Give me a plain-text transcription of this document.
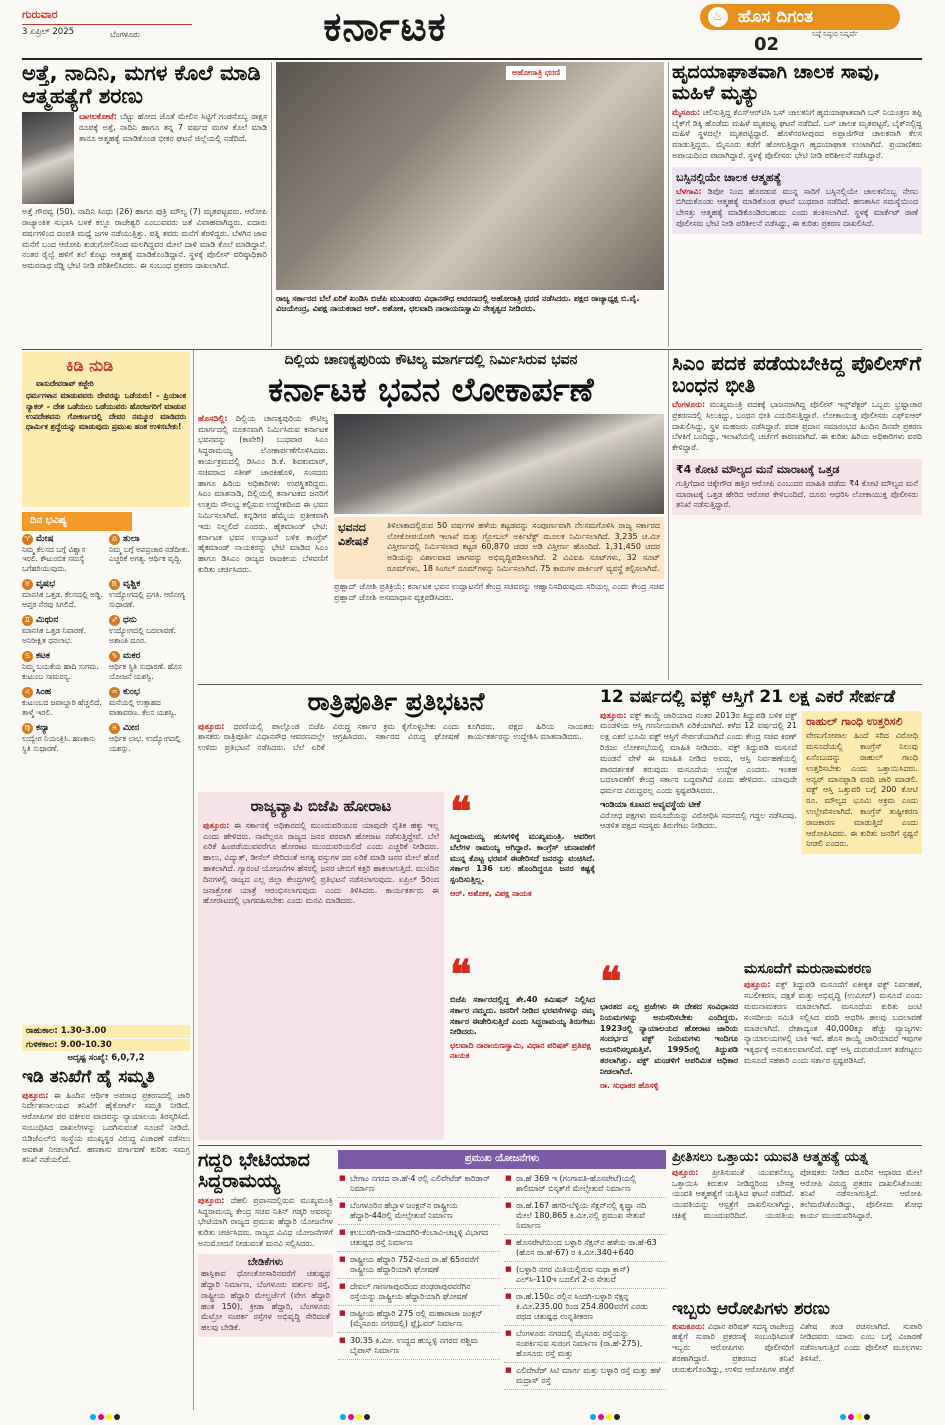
ಗುರುವಾರ
3 ಏಪ್ರಿಲ್ 2025	ಬೆಂಗಳೂರು	ಕರ್ನಾಟಕ	♨ ಹೊಸ ದಿಗಂತ
02	ನಿಷ್ಠೆ ನಿಷ್ಠುರ ನಿಷ್ಕರ್ಷೆ
ಅತ್ತೆ, ನಾದಿನಿ, ಮಗಳ ಕೊಲೆ ಮಾಡಿ ಆತ್ಮಹತ್ಯೆಗೆ ಶರಣು
ಬಾಗಲಕೋಟೆ: ಬೆಟ್ಟು ಹೋದ ಜೊತೆ ಮೇಲಿನ ಸಿಟ್ಟಿಗೆ ಗಂಡನೊಬ್ಬ ರಾಕ್ಷಸ ರೂಪಕ್ಕೆ ಅತ್ತೆ, ನಾದಿನಿ ಹಾಗೂ ತನ್ನ 7 ವರ್ಷದ ಮಗಳ ಕೊಲೆ ಮಾಡಿ ತಾನೂ ಆತ್ಮಹತ್ಯೆ ಮಾಡಿಕೊಂಡ ಭೀಕರ ಘಟನೆ ಜಿಲ್ಲೆಯಲ್ಲಿ ನಡೆದಿದೆ.
ಅತ್ತೆ ಗೌರವ್ವ (50), ನಾದಿನಿ ಸಿಂಧು (26) ಹಾಗೂ ಪುತ್ರಿ ಮೌಲ್ಯ (7) ಮೃತಪಟ್ಟವರು. ಆರೋಪಿ ರಾಜ್ಯಾಂಕಿತ ಸುಭಾಸಿ ಬಳಕೆ ಕಲ್ಲೂ ರಾಜೇಶ್ವರಿ ಎಂಬುವವರು ಜತೆ ವಿವಾಹವಾಗಿದ್ದರು. ಐದಾರು ವರ್ಷಗಳಿಂದ ದಂಪತಿ ಮಧ್ಯೆ ಜಗಳ ನಡೆಯುತ್ತಿತ್ತು. ಪತ್ನಿ ತವರು ಮನೆಗೆ ತೆರಳಿದ್ದರು. ಬೆಳಗಿನ ಜಾವ ಮನೆಗೆ ಬಂದ ಆರೋಪಿ ಕುಡುಗೋಲಿನಿಂದ ಮಲಗಿದ್ದವರ ಮೇಲೆ ದಾಳಿ ಮಾಡಿ ಕೊಲೆ ಮಾಡಿದ್ದಾನೆ. ನಂತರ ರೈಲ್ವೆ ಹಳಿಗೆ ತಲೆ ಕೊಟ್ಟು ಆತ್ಮಹತ್ಯೆ ಮಾಡಿಕೊಂಡಿದ್ದಾನೆ. ಸ್ಥಳಕ್ಕೆ ಪೊಲೀಸ್ ವರಿಷ್ಠಾಧಿಕಾರಿ ಅಮರನಾಥ ರೆಡ್ಡಿ ಭೇಟಿ ನೀಡಿ ಪರಿಶೀಲಿಸಿದರು. ಈ ಸಂಬಂಧ ಪ್ರಕರಣ ದಾಖಲಾಗಿದೆ.
ಅಹೋರಾತ್ರಿ ಧರಣಿ
ರಾಜ್ಯ ಸರ್ಕಾರದ ಬೆಲೆ ಏರಿಕೆ ಖಂಡಿಸಿ ಬಿಜೆಪಿ ಮುಖಂಡರು ವಿಧಾನಸೌಧ ಆವರಣದಲ್ಲಿ ಅಹೋರಾತ್ರಿ ಧರಣಿ ನಡೆಸಿದರು. ಪಕ್ಷದ ರಾಜ್ಯಾಧ್ಯಕ್ಷ ಬಿ.ವೈ. ವಿಜಯೇಂದ್ರ, ವಿಪಕ್ಷ ನಾಯಕರಾದ ಆರ್. ಅಶೋಕ, ಛಲವಾದಿ ನಾರಾಯಣಸ್ವಾಮಿ ನೇತೃತ್ವದ ನೀಡಿದರು.
ಹೃದಯಾಘಾತವಾಗಿ ಚಾಲಕ ಸಾವು, ಮಹಿಳೆ ಮೃತ್ಯು
ಮೈಸೂರು: ಚಲಿಸುತ್ತಿದ್ದ ಕೆಎಸ್‌ಆರ್‌ಟಿಸಿ ಬಸ್ ಚಾಲಕನಿಗೆ ಹೃದಯಾಘಾತವಾಗಿ ಬಸ್ ನಿಯಂತ್ರಣ ತಪ್ಪಿ ಬೈಕ್‌ಗೆ ಡಿಕ್ಕಿ ಹೊಡೆದು ಮಹಿಳೆ ಮೃತಪಟ್ಟ ಘಟನೆ ನಡೆದಿದೆ. ಬಸ್ ಚಾಲಕ ಮೃತಪಟ್ಟರೆ, ಬೈಕ್‌ನಲ್ಲಿದ್ದ ಮಹಿಳೆ ಸ್ಥಳದಲ್ಲೇ ಮೃತಪಟ್ಟಿದ್ದಾರೆ. ಹೊಳೆನರಸೀಪುರದ ಅಪ್ಪಾಜಿಗೌಡ ಚಾಲಕನಾಗಿ ಕೆಲಸ ಮಾಡುತ್ತಿದ್ದರು. ಮೈಸೂರು ಕಡೆಗೆ ಹೋಗುತ್ತಿದ್ದಾಗ ಹೃದಯಾಘಾತ ಉಂಟಾಗಿದೆ. ಪ್ರಯಾಣಿಕರು ಅಪಾಯದಿಂದ ಪಾರಾಗಿದ್ದಾರೆ. ಸ್ಥಳಕ್ಕೆ ಪೊಲೀಸರು ಭೇಟಿ ನೀಡಿ ಪರಿಶೀಲನೆ ನಡೆಸಿದ್ದಾರೆ.
ಬಸ್ಸಿನಲ್ಲಿಯೇ ಚಾಲಕ ಆತ್ಮಹತ್ಯೆ
ಬೆಳಗಾವಿ: ಡಿಪೋ ನಿಂದ ಹೊರಡುವ ಮುನ್ನ ಸಾರಿಗೆ ಬಸ್ಸಿನಲ್ಲಿಯೇ ಚಾಲಕನೊಬ್ಬ ನೇಣು ಬಿಗಿದುಕೊಂಡು ಆತ್ಮಹತ್ಯೆ ಮಾಡಿಕೊಂಡ ಘಟನೆ ಬುಧವಾರ ನಡೆದಿದೆ. ಹಣಕಾಸಿನ ಸಮಸ್ಯೆಯಿಂದ ಬೇಸತ್ತು ಆತ್ಮಹತ್ಯೆ ಮಾಡಿಕೊಂಡಿರಬಹುದು ಎಂದು ಶಂಕಿಸಲಾಗಿದೆ. ಸ್ಥಳಕ್ಕೆ ಮಾರ್ಕೆಟ್ ಠಾಣೆ ಪೊಲೀಸರು ಭೇಟಿ ನೀಡಿ ಪರಿಶೀಲನೆ ನಡೆಸಿದ್ದು, ಈ ಕುರಿತು ಪ್ರಕರಣ ದಾಖಲಿಸಿದೆ.
ಕಿಡಿ ನುಡಿ
ವಾಸುದೇವರಾವ್ ಕಜ್ಜೇರಿ
ಧರ್ಮಗಳಾನ ಮಾಡುವವರು ದೇವರನ್ನು ಒಡೆಯರು! – ಪ್ರಿಯಾಂಕ ನ್ಯಾಕರ್ – ದೇಶ ಒಡೆಯಲು ಒಡೆಯುವರು ಹೊರಜಗರಿಗೆ ಮಾಡುವ ಉಪದೇಶವನು ಗೋಕರ್ಣದಲ್ಲಿ ದೇವರ ನಮ್ಮೂರ ಮಾಡಿದರು ಧಾರ್ಮಿಕ ಶ್ರದ್ಧೆಯನ್ನು ಮಾಡುವುದು ಪ್ರಮುಖ ಹಂತ ಉಳಿಸಬೇಕು!
ದಿನ ಭವಿಷ್ಯ
♈ ಮೇಷ
ನಿಮ್ಮ ಕೆಲಸದ ಬಗ್ಗೆ ವಿಶ್ವಾಸ ಇರಲಿ. ಕೌಟುಂಬಿಕ ಸಮಸ್ಯೆ ಬಗೆಹರಿಯುವುದು.
♎ ತುಲಾ
ನಿಮ್ಮ ಬಗ್ಗೆ ಅಪಪ್ರಚಾರ ನಡೆದೀತು. ಎಚ್ಚರಿಕೆ ಅಗತ್ಯ. ಆರ್ಥಿಕ ವೃದ್ಧಿ.
♉ ವೃಷಭ
ಮಾನಸಿಕ ಒತ್ತಡ. ಕೆಲಸದಲ್ಲಿ ಅಡ್ಡಿ. ಆಪ್ತರ ನೆರವು ಸಿಗಲಿದೆ.
♏ ವೃಶ್ಚಿಕ
ಉದ್ಯೋಗದಲ್ಲಿ ಪ್ರಗತಿ. ಆರೋಗ್ಯ ಸುಧಾರಣೆ.
♊ ಮಿಥುನ
ಮಾನಸಿಕ ಒತ್ತಡ ನಿವಾರಣೆ. ಅನಿರೀಕ್ಷಿತ ಧನಲಾಭ.
♐ ಧನು
ಉದ್ಯೋಗದಲ್ಲಿ ಬದಲಾವಣೆ. ಅಶಾಂತಿ ದೂರ.
♋ ಕಟಕ
ನಿಮ್ಮ ಬಯಕೆಯ ಹಾದಿ ಸುಗಮ. ಕುಟುಂಬ ಸಾಮರಸ್ಯ.
♑ ಮಕರ
ಆರ್ಥಿಕ ಸ್ಥಿತಿ ಸುಧಾರಣೆ. ಹೊಸ ಯೋಜನೆ ಯಶಸ್ವಿ.
♌ ಸಿಂಹ
ಕುಟುಂಬದ ಜವಾಬ್ದಾರಿ ಹೆಚ್ಚಲಿದೆ. ತಾಳ್ಮೆ ಇರಲಿ.
♒ ಕುಂಭ
ಮನೆಯಲ್ಲಿ ಉತ್ಸಾಹದ ವಾತಾವರಣ. ಕೆಲಸ ಯಶಸ್ವಿ.
♍ ಕನ್ಯಾ
ಉದ್ವೇಗ ನಿಯಂತ್ರಿಸಿ. ಹಣಕಾಸು ಸ್ಥಿತಿ ಸುಧಾರಣೆ.
♓ ಮೀನ
ಆರ್ಥಿಕ ಲಾಭ. ಉದ್ಯೋಗದಲ್ಲಿ ಯಶಸ್ಸು.
ರಾಹುಕಾಲ: 1.30-3.00
ಗುಳಿಕಕಾಲ: 9.00-10.30
ಅದೃಷ್ಟ ಸಂಖ್ಯೆ: 6,0,7,2
ಇಡಿ ತನಿಖೆಗೆ ಹೈ ಸಮ್ಮತಿ
ಪುತ್ತೂರು: ಈ ಹಿಂದಿನ ಆರ್ಥಿಕ ಅಪರಾಧ ಪ್ರಕರಣದಲ್ಲಿ ಜಾರಿ ನಿರ್ದೇಶನಾಲಯದ ತನಿಖೆಗೆ ಹೈಕೋರ್ಟ್ ಸಮ್ಮತಿ ನೀಡಿದೆ. ಆರೋಪಿಗಳ ಪರ ವಕೀಲರ ವಾದವನ್ನು ನ್ಯಾಯಾಲಯ ತಿರಸ್ಕರಿಸಿದೆ. ಸಂಬಂಧಿಸಿದ ದಾಖಲೆಗಳನ್ನು ಒದಗಿಸುವಂತೆ ಸೂಚನೆ ನೀಡಿದೆ. ಬಿಡಿಜೆಎಲ್‌ಬಿ ಸಂಸ್ಥೆಯ ಮುಖ್ಯಸ್ಥರ ವಿರುದ್ಧ ವಿಚಾರಣೆ ನಡೆಸಲು ಅವಕಾಶ ನೀಡಲಾಗಿದೆ. ಹಣಕಾಸು ವರ್ಗಾವಣೆ ಕುರಿತು ಸಮಗ್ರ ತನಿಖೆ ನಡೆಯಲಿದೆ.
ದಿಲ್ಲಿಯ ಚಾಣಕ್ಯಪುರಿಯ ಕೌಟಿಲ್ಯ ಮಾರ್ಗದಲ್ಲಿ ನಿರ್ಮಿಸಿರುವ ಭವನ
ಕರ್ನಾಟಕ ಭವನ ಲೋಕಾರ್ಪಣೆ
ಹೊಸದಿಲ್ಲಿ: ದಿಲ್ಲಿಯ ಚಾಣಕ್ಯಪುರಿಯ ಕೌಟಿಲ್ಯ ಮಾರ್ಗದಲ್ಲಿ ನೂತನವಾಗಿ ನಿರ್ಮಿಸಿರುವ ಕರ್ನಾಟಕ ಭವನವನ್ನು (ಕಾವೇರಿ) ಬುಧವಾರ ಸಿಎಂ ಸಿದ್ದರಾಮಯ್ಯ ಲೋಕಾರ್ಪಣೆಗೊಳಿಸಿದರು. ಕಾರ್ಯಕ್ರಮದಲ್ಲಿ ಡಿಸಿಎಂ ಡಿ.ಕೆ. ಶಿವಕುಮಾರ್, ಸಚಿವರಾದ ಸತೀಶ್ ಜಾರಕಿಹೊಳಿ, ಸಂಸದರು ಹಾಗೂ ಹಿರಿಯ ಅಧಿಕಾರಿಗಳು ಉಪಸ್ಥಿತರಿದ್ದರು. ಸಿಎಂ ಮಾತನಾಡಿ, ದಿಲ್ಲಿಯಲ್ಲಿ ಕರ್ನಾಟಕದ ಜನರಿಗೆ ಉತ್ತಮ ಸೌಲಭ್ಯ ಕಲ್ಪಿಸುವ ಉದ್ದೇಶದಿಂದ ಈ ಭವನ ನಿರ್ಮಿಸಲಾಗಿದೆ. ಕನ್ನಡಿಗರ ಹೆಮ್ಮೆಯ ಪ್ರತೀಕವಾಗಿ ಇದು ನಿಲ್ಲಲಿದೆ ಎಂದರು. ಹೈಕಮಾಂಡ್ ಭೇಟಿ: ಕರ್ನಾಟಕ ಭವನ ಉದ್ಘಾಟನೆ ಬಳಿಕ ಕಾಂಗ್ರೆಸ್ ಹೈಕಮಾಂಡ್ ನಾಯಕರನ್ನು ಭೇಟಿ ಮಾಡಿದ ಸಿಎಂ ಹಾಗೂ ಡಿಸಿಎಂ ರಾಜ್ಯದ ರಾಜಕೀಯ ಬೆಳವಣಿಗೆ ಕುರಿತು ಚರ್ಚಿಸಿದರು.
ಭವನದ ವಿಶೇಷತೆ
ತಿಳಿಲಾಕಾದಲ್ಲಿರುವ 50 ವರ್ಷಗಳ ಹಳೆಯ ಕಟ್ಟಡವನ್ನು ಸಂಪೂರ್ಣವಾಗಿ ನೆಲಸಮಗೊಳಿಸಿ ರಾಜ್ಯ ಸರ್ಕಾರದ ಲೋಕೋಪಯೋಗಿ ಇಲಾಖೆ ಮತ್ತು ಗ್ಲೋಬಲ್ ಅರ್ಕಿಟೆಕ್ಟ್ ಮೂಲಕ ನಿರ್ಮಿಸಲಾಗಿದೆ. 3,235 ಚ.ಮೀ ವಿಸ್ತೀರ್ಣದಲ್ಲಿ ನಿರ್ಮಿಸಲಾದ ಕಟ್ಟಡ 60,870 ಚದರ ಅಡಿ ವಿಸ್ತೀರ್ಣ ಹೊಂದಿದೆ. 1,31,450 ಚದರ ಅಡಿಯನ್ನು ವಿಶಾಲವಾದ ಜಾಗವನ್ನು ಅಭಿವೃದ್ಧಿಪಡಿಸಲಾಗಿದೆ. 2 ವಿವಿಐಪಿ ಸೂಟ್‌ಗಳು, 32 ಸೂಟ್ ರೂಮ್‌ಗಳು, 18 ಸಿಂಗಲ್ ರೂಮ್‌ಗಳನ್ನು ನಿರ್ಮಿಸಲಾಗಿದೆ. 75 ಕಾರುಗಳ ಪಾರ್ಕಿಂಗ್ ವ್ಯವಸ್ಥೆ ಕಲ್ಪಿಸಲಾಗಿದೆ.
ಪ್ರಹ್ಲಾದ್ ಜೋಶಿ ಪ್ರತಿಕ್ರಿಯೆ: ಕರ್ನಾಟಕ ಭವನ ಉದ್ಘಾಟನೆಗೆ ಕೇಂದ್ರ ಸಚಿವರನ್ನು ಆಹ್ವಾನಿಸದಿರುವುದು ಸರಿಯಲ್ಲ ಎಂದು ಕೇಂದ್ರ ಸಚಿವ ಪ್ರಹ್ಲಾದ್ ಜೋಶಿ ಅಸಮಾಧಾನ ವ್ಯಕ್ತಪಡಿಸಿದರು.
ಸಿಎಂ ಪದಕ ಪಡೆಯಬೇಕಿದ್ದ ಪೊಲೀಸ್‌ಗೆ ಬಂಧನ ಭೀತಿ
ಬೆಂಗಳೂರು: ಮುಖ್ಯಮಂತ್ರಿ ಪದಕಕ್ಕೆ ಭಾಜನರಾಗಿದ್ದ ಪೊಲೀಸ್ ಇನ್ಸ್‌ಪೆಕ್ಟರ್ ಒಬ್ಬರು ಭ್ರಷ್ಟಾಚಾರ ಪ್ರಕರಣದಲ್ಲಿ ಸಿಲುಕಿದ್ದು, ಬಂಧನ ಭೀತಿ ಎದುರಿಸುತ್ತಿದ್ದಾರೆ. ಲೋಕಾಯುಕ್ತ ಪೊಲೀಸರು ಎಫ್‌ಐಆರ್ ದಾಖಲಿಸಿದ್ದು, ಸ್ಥಳ ಮಹಜರು ನಡೆಸಿದ್ದಾರೆ. ಪದಕ ಪ್ರದಾನ ಸಮಾರಂಭದ ಹಿಂದಿನ ದಿನವೇ ಪ್ರಕರಣ ಬೆಳಕಿಗೆ ಬಂದಿದ್ದು, ಇಲಾಖೆಯಲ್ಲಿ ಚರ್ಚೆಗೆ ಕಾರಣವಾಗಿದೆ. ಈ ಕುರಿತು ಹಿರಿಯ ಅಧಿಕಾರಿಗಳು ವರದಿ ಕೇಳಿದ್ದಾರೆ.
₹4 ಕೋಟಿ ಮೌಲ್ಯದ ಮನೆ ಮಾರಾಟಕ್ಕೆ ಒತ್ತಡ
ಗುತ್ತಿಗೆದಾರ ಚಿಕ್ಕೇಗೌಡ ಹತ್ತಿರ ಆರೋಪಿ ಎಂಬುದರ ಮಾಹಿತಿ ಪಡೆದು ₹4 ಕೋಟಿ ಮೌಲ್ಯದ ಮನೆ ಮಾರಾಟಕ್ಕೆ ಒತ್ತಡ ಹೇರಿದ ಆರೋಪ ಕೇಳಿಬಂದಿದೆ. ದೂರು ಆಧರಿಸಿ ಲೋಕಾಯುಕ್ತ ಪೊಲೀಸರು ತನಿಖೆ ನಡೆಸುತ್ತಿದ್ದಾರೆ.
ರಾತ್ರಿಪೂರ್ತಿ ಪ್ರತಿಭಟನೆ
ಪುತ್ತೂರು: ಧರಣಿಯಲ್ಲಿ ಪಾಲ್ಗೊಂಡ ಬಿಜೆಪಿ ಶಾಸಕರು ರಾತ್ರಿಪೂರ್ತಿ ವಿಧಾನಸೌಧ ಆವರಣದಲ್ಲೇ ಉಳಿದು ಪ್ರತಿಭಟನೆ ನಡೆಸಿದರು. ಬೆಲೆ ಏರಿಕೆ ವಿರುದ್ಧ ಸರ್ಕಾರ ಕ್ರಮ ಕೈಗೊಳ್ಳಬೇಕು ಎಂದು ಆಗ್ರಹಿಸಿದರು. ಸರ್ಕಾರದ ವಿರುದ್ಧ ಘೋಷಣೆ ಕೂಗಿದರು. ಪಕ್ಷದ ಹಿರಿಯ ನಾಯಕರು ಕಾರ್ಯಕರ್ತರನ್ನು ಉದ್ದೇಶಿಸಿ ಮಾತನಾಡಿದರು.
ರಾಜ್ಯವ್ಯಾಪಿ ಬಿಜೆಪಿ ಹೋರಾಟ
ಪುತ್ತೂರು: ಈ ಸರ್ಕಾರಕ್ಕೆ ಅಧಿಕಾರದಲ್ಲಿ ಮುಂದುವರಿಯುವ ಯಾವುದೇ ನೈತಿಕ ಹಕ್ಕು ಇಲ್ಲ ಎಂದು ಹೇಳಿದರು. ನಾವೆಲ್ಲರೂ ರಾಜ್ಯದ ಜನರ ಪರವಾಗಿ ಹೋರಾಟ ನಡೆಸುತ್ತಿದ್ದೇವೆ. ಬೆಲೆ ಏರಿಕೆ ಹಿಂಪಡೆಯುವವರೆಗೂ ಹೋರಾಟ ಮುಂದುವರಿಯಲಿದೆ ಎಂದು ಎಚ್ಚರಿಕೆ ನೀಡಿದರು. ಹಾಲು, ವಿದ್ಯುತ್, ಡೀಸೆಲ್ ಸೇರಿದಂತೆ ಅಗತ್ಯ ವಸ್ತುಗಳ ದರ ಏರಿಕೆ ಮಾಡಿ ಜನರ ಮೇಲೆ ಹೊರೆ ಹಾಕಲಾಗಿದೆ. ಗ್ಯಾರಂಟಿ ಯೋಜನೆಗಳ ಹೆಸರಲ್ಲಿ ಜನರ ಜೇಬಿಗೆ ಕತ್ತರಿ ಹಾಕಲಾಗುತ್ತಿದೆ. ಮುಂದಿನ ದಿನಗಳಲ್ಲಿ ರಾಜ್ಯದ ಎಲ್ಲ ಜಿಲ್ಲಾ ಕೇಂದ್ರಗಳಲ್ಲಿ ಪ್ರತಿಭಟನೆ ನಡೆಸಲಾಗುವುದು. ಏಪ್ರಿಲ್ 5ರಿಂದ ಜನಾಕ್ರೋಶ ಯಾತ್ರೆ ಆರಂಭಿಸಲಾಗುವುದು ಎಂದು ತಿಳಿಸಿದರು. ಕಾರ್ಯಕರ್ತರು ಈ ಹೋರಾಟದಲ್ಲಿ ಭಾಗವಹಿಸಬೇಕು ಎಂದು ಮನವಿ ಮಾಡಿದರು.
❝
ಸಿದ್ದರಾಮಯ್ಯ ಹುಸಿಗಳಿಕ್ಕೆ ಮುಖ್ಯಮಂತ್ರಿ. ಆವರೀಗ ಬೆಲೆಗಳ ರಾಮಯ್ಯ ಆಗಿದ್ದಾರೆ. ಕಾಂಗ್ರೆಸ್ ಚುನಾವಣೆಗೆ ಮುನ್ನ ಕೊಟ್ಟ ಭರವಸೆ ಈಡೇರಿಸದೆ ಜನರನ್ನು ವಂಚಿಸಿದೆ. ಸರ್ಕಾರ 136 ಬಲ ಹೊಂದಿದ್ದರೂ ಜನರ ಕಷ್ಟಕ್ಕೆ ಸ್ಪಂದಿಸುತ್ತಿಲ್ಲ.
ಆರ್. ಅಶೋಕ, ವಿಪಕ್ಷ ನಾಯಕ
❝
ಬಿಜೆಪಿ ಸರ್ಕಾರದಲ್ಲಿದ್ದ ಶೇ.40 ಕಮಿಷನ್ ನಿಲ್ಲಿಸಿದ ಸರ್ಕಾರ ನಮ್ಮದು. ಜನರಿಗೆ ನೀಡಿದ ಭರವಸೆಗಳನ್ನು ನಮ್ಮ ಸರ್ಕಾರ ಈಡೇರಿಸುತ್ತಿದೆ ಎಂದು ಸಿದ್ದರಾಮಯ್ಯ ತಿರುಗೇಟು ನೀಡಿದರು.
ಛಲವಾದಿ ನಾರಾಯಣಸ್ವಾಮಿ, ವಿಧಾನ ಪರಿಷತ್ ಪ್ರತಿಪಕ್ಷ ನಾಯಕ
12 ವರ್ಷದಲ್ಲಿ ವಕ್ಫ್ ಆಸ್ತಿಗೆ 21 ಲಕ್ಷ ಎಕರೆ ಸೇರ್ಪಡೆ
ಪುತ್ತೂರು: ವಕ್ಫ್ ಕಾಯ್ದೆ ಜಾರಿಯಾದ ನಂತರ 2013ರ ತಿದ್ದುಪಡಿ ಬಳಿಕ ವಕ್ಫ್ ಮಂಡಳಿಯ ಆಸ್ತಿ ಗಣನೀಯವಾಗಿ ಏರಿಕೆಯಾಗಿದೆ. ಕಳೆದ 12 ವರ್ಷದಲ್ಲಿ 21 ಲಕ್ಷ ಎಕರೆ ಭೂಮಿ ವಕ್ಫ್ ಆಸ್ತಿಗೆ ಸೇರ್ಪಡೆಯಾಗಿದೆ ಎಂದು ಕೇಂದ್ರ ಸಚಿವ ಕಿರಣ್ ರಿಜಿಜು ಲೋಕಸಭೆಯಲ್ಲಿ ಮಾಹಿತಿ ನೀಡಿದರು. ವಕ್ಫ್ ತಿದ್ದುಪಡಿ ಮಸೂದೆ ಮಂಡನೆ ವೇಳೆ ಈ ಮಾಹಿತಿ ನೀಡಿದ ಅವರು, ಆಸ್ತಿ ನಿರ್ವಹಣೆಯಲ್ಲಿ ಪಾರದರ್ಶಕತೆ ತರುವುದು ಮಸೂದೆಯ ಉದ್ದೇಶ ಎಂದರು. ಇಂತಹ ಬದಲಾವಣೆಗೆ ಕೇಂದ್ರ ಸರ್ಕಾರ ಬದ್ಧವಾಗಿದೆ ಎಂದು ಹೇಳಿದರು. ಯಾವುದೇ ಧರ್ಮದ ವಿರುದ್ಧವಲ್ಲ ಎಂದು ಸ್ಪಷ್ಟಪಡಿಸಿದರು.
ಇಂಡಿಯಾ ಕೂಟದ ಅವ್ಯವಸ್ಥೆಯ ಟೀಕೆ
ವಿರೋಧ ಪಕ್ಷಗಳು ಮಸೂದೆಯನ್ನು ವಿರೋಧಿಸಿ ಸದನದಲ್ಲಿ ಗದ್ದಲ ನಡೆಸಿದವು. ಆಡಳಿತ ಪಕ್ಷದ ಸದಸ್ಯರು ತಿರುಗೇಟು ನೀಡಿದರು.
ರಾಹುಲ್ ಗಾಂಧಿ ಉತ್ತರಿಸಲಿ
ವೇಣುಗೋಪಾಲ ಹಿಂದೆ ಸರಿದ ವಿರೋಧಿ ಮಸೂದೆಯಲ್ಲಿ ಕಾಂಗ್ರೆಸ್ ನಿಲುವು ಏನೆಂಬುದನ್ನು ರಾಹುಲ್ ಗಾಂಧಿ ಉತ್ತರಿಸಬೇಕು ಎಂದು ಒತ್ತಾಯಿಸಿದರು. ಅನ್ವರ್ ಮಾನಪ್ಪಾಡಿ ವರದಿ ಜಾರಿ ಮಾಡಲಿ. ವಕ್ಫ್ ಆಸ್ತಿ ಒತ್ತುವರಿ ಬಗ್ಗೆ 200 ಕೋಟಿ ರೂ. ಮೌಲ್ಯದ ಭೂಮಿ ಅಕ್ರಮ ಎಂದು ಉಲ್ಲೇಖಿಸಲಾಗಿದೆ. ಕಾಂಗ್ರೆಸ್ ತುಷ್ಟೀಕರಣ ರಾಜಕಾರಣ ಮಾಡುತ್ತಿದೆ ಎಂದು ಆರೋಪಿಸಿದರು. ಈ ಕುರಿತು ಜನರಿಗೆ ಸ್ಪಷ್ಟನೆ ನೀಡಲಿ ಎಂದರು.
❝
ಭಾರತದ ಎಲ್ಲ ಪ್ರಜೆಗಳು ಈ ದೇಶದ ಸಂವಿಧಾನದ ನಿಯಮಗಳನ್ನು ಅನುಸರಿಸಬೇಕು ಎಂದಿದ್ದರು. 1923ರಲ್ಲಿ ನ್ಯಾಯಾಲಯದ ಹೋರಾಟ ಜಾರಿಯ ಸಂದರ್ಭದ ವಕ್ಫ್ ನಿಯಮಗಳು ಇಂದಿಗೂ ಅನುಸರಿಸಲ್ಪಡುತ್ತಿವೆ. 1995ರಲ್ಲಿ ತಿದ್ದುಪಡಿ ತರಲಾಗಿತ್ತು. ವಕ್ಫ್ ಮಂಡಳಿಗೆ ಅಪರಿಮಿತ ಅಧಿಕಾರ ನೀಡಲಾಗಿದೆ.
ರಾ. ಸುಧಾಕರ ಹೊಸಳ್ಳಿ
ಮಸೂದೆಗೆ ಮರುನಾಮಕರಣ
ಪುತ್ತೂರು: ವಕ್ಫ್ ತಿದ್ದುಪಡಿ ಮಸೂದೆಗೆ ಏಕೀಕೃತ ವಕ್ಫ್ ನಿರ್ವಹಣೆ, ಸಬಲೀಕರಣ, ದಕ್ಷತೆ ಮತ್ತು ಅಭಿವೃದ್ಧಿ (ಉಮೀದ್) ಮಸೂದೆ ಎಂದು ಮರುನಾಮಕರಣ ಮಾಡಲಾಗಿದೆ. ಮಸೂದೆಯ ಕುರಿತು ಜಂಟಿ ಸಂಸದೀಯ ಸಮಿತಿ ಸಲ್ಲಿಸಿದ ವರದಿ ಆಧರಿಸಿ ಹಲವು ಬದಲಾವಣೆ ಮಾಡಲಾಗಿದೆ. ದೇಶಾದ್ಯಂತ 40,000ಕ್ಕೂ ಹೆಚ್ಚು ವ್ಯಾಜ್ಯಗಳು ನ್ಯಾಯಾಲಯಗಳಲ್ಲಿ ಬಾಕಿ ಇವೆ. ಹೊಸ ಕಾಯ್ದೆ ಜಾರಿಯಾದರೆ ಇವುಗಳ ಇತ್ಯರ್ಥಕ್ಕೆ ಅನುಕೂಲವಾಗಲಿದೆ. ವಕ್ಫ್ ಆಸ್ತಿ ದುರುಪಯೋಗ ತಡೆಗಟ್ಟಲು ಮಸೂದೆ ಸಹಕಾರಿ ಎಂದು ಸರ್ಕಾರ ಸ್ಪಷ್ಟಪಡಿಸಿದೆ.
ಗದ್ದರಿ ಭೇಟಿಯಾದ ಸಿದ್ದರಾಮಯ್ಯ
ಪುತ್ತೂರು: ದೆಹಲಿ ಪ್ರವಾಸದಲ್ಲಿರುವ ಮುಖ್ಯಮಂತ್ರಿ ಸಿದ್ದರಾಮಯ್ಯ ಕೇಂದ್ರ ಸಚಿವ ನಿತಿನ್ ಗಡ್ಕರಿ ಅವರನ್ನು ಭೇಟಿಯಾಗಿ ರಾಜ್ಯದ ಪ್ರಮುಖ ಹೆದ್ದಾರಿ ಯೋಜನೆಗಳ ಕುರಿತು ಚರ್ಚಿಸಿದರು. ರಾಜ್ಯದ ವಿವಿಧ ಯೋಜನೆಗಳಿಗೆ ಅನುಮೋದನೆ ನೀಡುವಂತೆ ಮನವಿ ಸಲ್ಲಿಸಿದರು.
ಬೇಡಿಕೆಗಳು
ಹಾಸ್ಪಿಕಾವ ಧೋಂತೋಸಾರಿನವರೆಗೆ ಚತುಷ್ಪಥ ಹೆದ್ದಾರಿ ನಿರ್ಮಾಣ, ಬೆಂಗಳೂರು ವರ್ತುಲ ರಸ್ತೆ, ರಾಷ್ಟ್ರೀಯ ಹೆದ್ದಾರಿ ಮೇಲ್ದರ್ಜೆಗೆ (ವೇಗ ಹೆದ್ದಾರಿ ಹಂತ 150), ಕ್ರೀಡಾ ಹೆದ್ದಾರಿ, ಬೆಂಗಳೂರು ಮೆಟ್ರೋ ಸಂಪರ್ಕ ರಸ್ತೆಗಳ ಅಭಿವೃದ್ಧಿ ಸೇರಿದಂತೆ ಹಲವು ಬೇಡಿಕೆ.
ಪ್ರಮುಖ ಯೋಜನೆಗಳು
■ ಬೇಗಾಂ ನಗರದ ರಾ.ಹೆ-4 ರಲ್ಲಿ ಎಲಿವೇಟೆಡ್ ಕಾರಿಡಾರ್ ನಿರ್ಮಾಣ
■ ಬೆಂಗಳೂರಿನ ಹೆಬ್ಬಾಳ ಜಂಕ್ಷನ್‌ನ ರಾಷ್ಟ್ರೀಯ ಹೆದ್ದಾರಿ-44ರಲ್ಲಿ ಮೇಲ್ಸೇತುವೆ ನಿರ್ಮಾಣ
■ ಕಲಬುರಗಿ-ವಾಡಿ-ಯಾದಗಿರಿ-ಕೆಂಬಾವಿ-ಚಟ್ನಳ್ಳಿ ವಿಭಾಗದ ಚತುಷ್ಪಥ ರಸ್ತೆ ನಿರ್ಮಾಣ
■ ರಾಷ್ಟ್ರೀಯ ಹೆದ್ದಾರಿ 752-ನಿಂದ ರಾ.ಹೆ 65ರವರೆಗೆ ರಾಷ್ಟ್ರೀಯ ಹೆದ್ದಾರಿಯಾಗಿ ಘೋಷಣೆ
■ ದೇವಲ್ ಗಾಣಗಾಪುರದಿಂದ ಪಂಢರಾಪುರವರೆಗಿನ ರಸ್ತೆಯನ್ನು ರಾಷ್ಟ್ರೀಯ ಹೆದ್ದಾರಿಯಾಗಿ ಘೋಷಣೆ
■ ರಾಷ್ಟ್ರೀಯ ಹೆದ್ದಾರಿ 275 ರಲ್ಲಿ ಮಹಾರಾಜಾ ಜಂಕ್ಷನ್ (ಮೈಸೂರು ನಗರದಲ್ಲಿ) ಫ್ಲೈಓವರ್ ನಿರ್ಮಾಣ
■ 30.35 ಕಿ.ಮೀ. ಉದ್ದದ ಹುಬ್ಬಳ್ಳಿ ನಗರದ ಪಶ್ಚಿಮ ಬೈಪಾಸ್ ನಿರ್ಮಾಣ
■ ರಾ.ಹೆ 369 ಇ (ಗಂಗಾವತಿ-ಹೊಸಪೇಟೆ)ಯಲ್ಲಿ ಶಾಲಿಮಾರ್ ಬಿಸ್ಕತ್‌ಗೆ ಮೇಲ್ಸೇತುವೆ ನಿರ್ಮಾಣ
■ ರಾ.ಹೆ.167 ಹಗರಿ-ಬೆಳ್ಳಿಯ ಸೆಕ್ಷನ್‌ನಲ್ಲಿ ಕೃಷ್ಣಾ ನದಿ ಮೇಲೆ 180.865 ಕಿ.ಮೀ.ನಲ್ಲಿ ಪ್ರಮುಖ ಸೇತುವೆ ನಿರ್ಮಾಣ
■ ಹೊಸಪೇಟೆಯಿಂದ ಬಳ್ಳಾರಿ ಸೆಕ್ಷನ್‌ನ ಹಳೆಯ ರಾ.ಹೆ-63 (ಹೊಸ ರಾ.ಹೆ-67) ರ ಕಿ.ಮೀ.340+640
■ (ಬಳ್ಳಾರಿ ನಗರ ಮಿತಿಯಲ್ಲಿರುವ ಸುಧಾ ಕ್ರಾಸ್) ಎಲ್‌ಸಿ-110ಇ ಬದಲಿಗೆ 2-ರ ಸೇತುವೆ
■ ರಾ.ಹೆ.150ಎ ರಲ್ಲಿನ ಸಿಂದಗಿ-ಬಳ್ಳಾರಿ ಸೆಕ್ಷನ್ನ ಕಿ.ಮೀ.235.00 ರಿಂದ 254.800ವರೆಗೆ ಎರಡು ಪಥದ ಚತುಷ್ಪಥ ಉನ್ನತೀಕರಣ
■ ಬೆಂಗಳೂರು ನಗರದಲ್ಲಿ ಮೈಸೂರು ರಸ್ತೆಯನ್ನು ಸಂಪರ್ಕಿಸುವ ಸುರಂಗ ನಿರ್ಮಾಣ (ರಾ.ಹೆ-275), ಹೊಸೂರು ರಸ್ತೆ ಮತ್ತು
■ ಎಲಿವೇಟೆಡ್ ಸಿಟಿ ಮಾರ್ಗ ಮತ್ತು ಬಳ್ಳಾರಿ ರಸ್ತೆ ಮತ್ತು ಹಳೆ ಮದ್ರಾಸ್ ರಸ್ತೆ
ಪ್ರೀತಿಸಲು ಒತ್ತಾಯ: ಯುವತಿ ಆತ್ಮಹತ್ಯೆ ಯತ್ನ
ಪುತ್ತೂರು: ಪ್ರೀತಿಸುವಂತೆ ಯುವಕನೊಬ್ಬ ಒತ್ತಾಯಿಸಿ ಕಿರುಕುಳ ನೀಡಿದ್ದರಿಂದ ಬೇಸತ್ತ ಯುವತಿ ಆತ್ಮಹತ್ಯೆಗೆ ಯತ್ನಿಸಿದ ಘಟನೆ ನಡೆದಿದೆ. ಯುವತಿಯನ್ನು ಆಸ್ಪತ್ರೆಗೆ ದಾಖಲಿಸಲಾಗಿದ್ದು, ಚಿಕಿತ್ಸೆ ಮುಂದುವರಿದಿದೆ. ಯುವತಿಯ ಪೋಷಕರು ನೀಡಿದ ದೂರಿನ ಆಧಾರದ ಮೇಲೆ ಆರೋಪಿ ವಿರುದ್ಧ ಪ್ರಕರಣ ದಾಖಲಿಸಿಕೊಂಡು ತನಿಖೆ ನಡೆಸಲಾಗುತ್ತಿದೆ. ಆರೋಪಿ ತಲೆಮರೆಸಿಕೊಂಡಿದ್ದು, ಪೊಲೀಸರು ಶೋಧ ಕಾರ್ಯ ಮುಂದುವರಿಸಿದ್ದಾರೆ.
ಇಬ್ಬರು ಆರೋಪಿಗಳು ಶರಣು
ತುಮಕೂರು: ವಿಧಾನ ಪರಿಷತ್ ಸದಸ್ಯ ರಾಜೇಂದ್ರ ಹತ್ಯೆಗೆ ಸುಪಾರಿ ಪ್ರಕರಣಕ್ಕೆ ಸಂಬಂಧಿಸಿದಂತೆ ಇಬ್ಬರು ಆರೋಪಿಗಳು ಪೊಲೀಸರಿಗೆ ಶರಣಾಗಿದ್ದಾರೆ. ಪ್ರಕರಣದ ತನಿಖೆ ಚುರುಕುಗೊಂಡಿದ್ದು, ಉಳಿದ ಆರೋಪಿಗಳ ಪತ್ತೆಗೆ ವಿಶೇಷ ತಂಡ ರಚಿಸಲಾಗಿದೆ. ಸುಪಾರಿ ನೀಡಿದವರು ಯಾರು ಎಂಬ ಬಗ್ಗೆ ವಿಚಾರಣೆ ನಡೆಸಲಾಗುತ್ತಿದೆ ಎಂದು ಪೊಲೀಸ್ ಮೂಲಗಳು ತಿಳಿಸಿವೆ.
